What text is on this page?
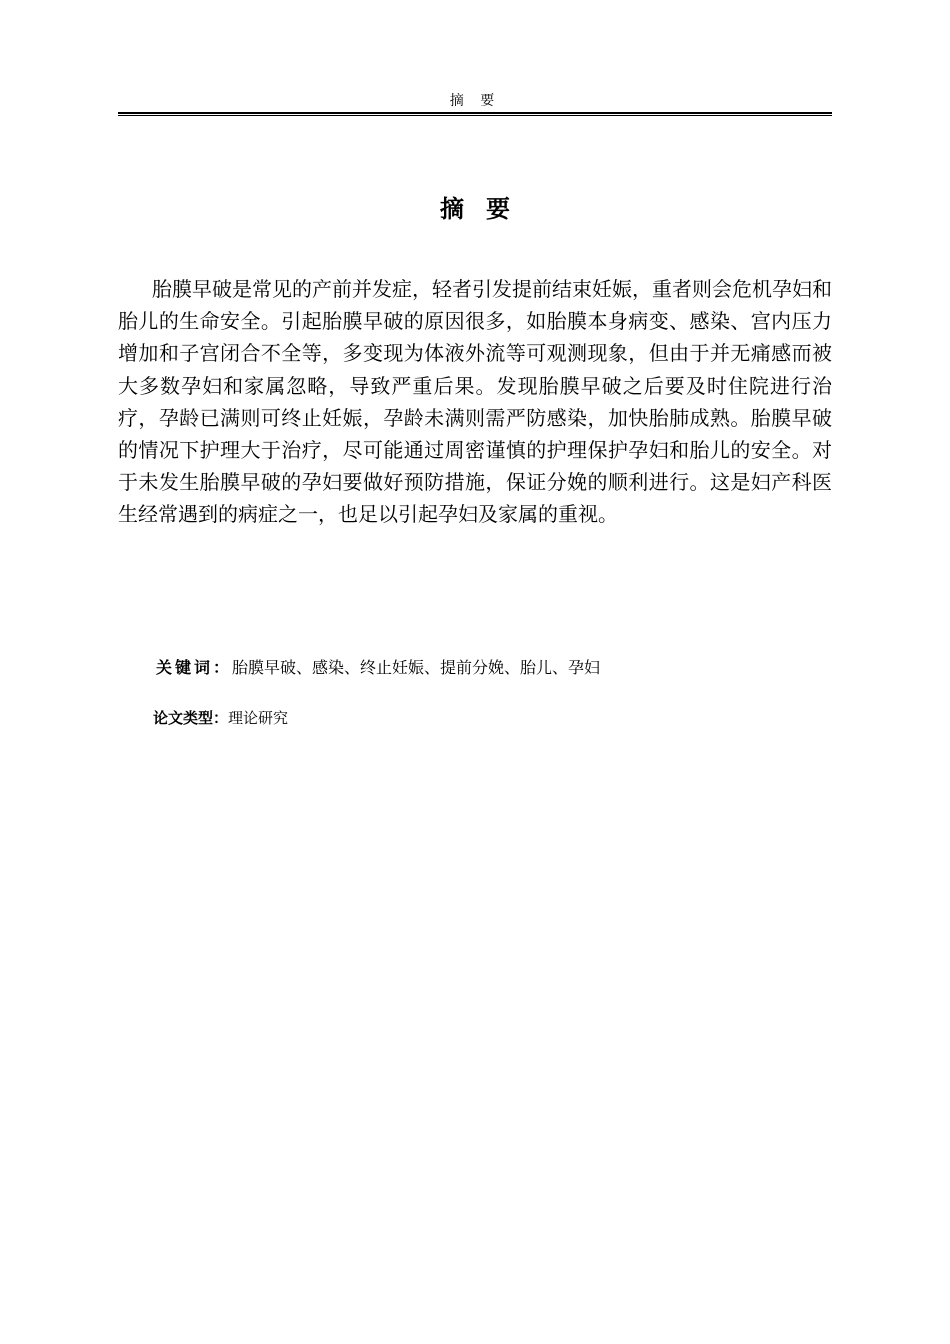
摘 要
摘要

胎膜早破是常见的产前并发症，轻者引发提前结束妊娠，重者则会危机孕妇和胎儿的生命安全。引起胎膜早破的原因很多，如胎膜本身病变、感染、宫内压力增加和子宫闭合不全等，多变现为体液外流等可观测现象，但由于并无痛感而被大多数孕妇和家属忽略，导致严重后果。发现胎膜早破之后要及时住院进行治疗，孕龄已满则可终止妊娠，孕龄未满则需严防感染，加快胎肺成熟。胎膜早破的情况下护理大于治疗，尽可能通过周密谨慎的护理保护孕妇和胎儿的安全。对于未发生胎膜早破的孕妇要做好预防措施，保证分娩的顺利进行。这是妇产科医生经常遇到的病症之一，也足以引起孕妇及家属的重视。

关键词：胎膜早破、感染、终止妊娠、提前分娩、胎儿、孕妇
论文类型：理论研究
